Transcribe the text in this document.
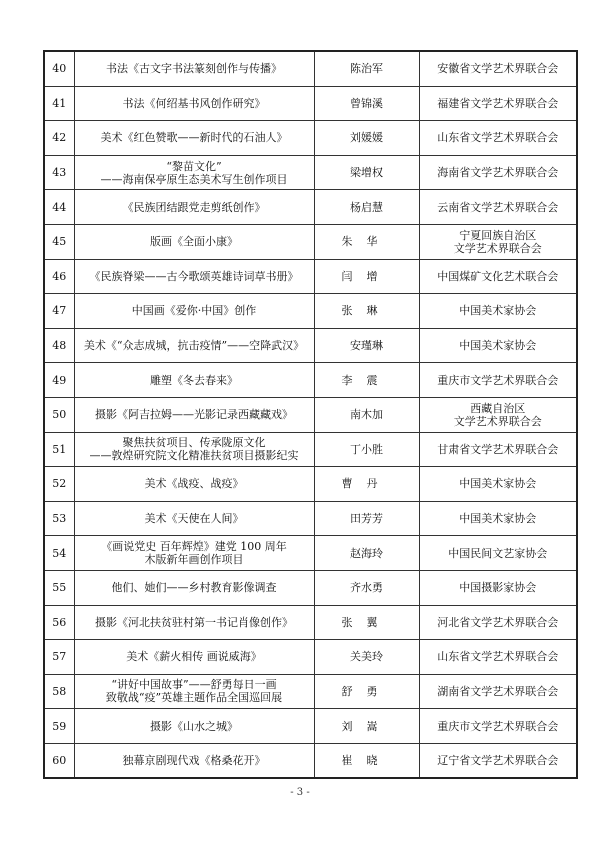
40	书法《古文字书法篆刻创作与传播》	陈治军	安徽省文学艺术界联合会

41	书法《何绍基书风创作研究》	曾锦溪	福建省文学艺术界联合会

42	美术《红色赞歌——新时代的石油人》	刘媛媛	山东省文学艺术界联合会

43	“黎苗文化”
——海南保亭原生态美术写生创作项目	梁增权	海南省文学艺术界联合会

44	《民族团结跟党走剪纸创作》	杨启慧	云南省文学艺术界联合会

45	版画《全面小康》	朱华	宁夏回族自治区
文学艺术界联合会

46	《民族脊梁——古今歌颂英雄诗词草书册》	闫增	中国煤矿文化艺术联合会

47	中国画《爱你·中国》创作	张琳	中国美术家协会

48	美术《“众志成城，抗击疫情”——空降武汉》	安瑾琳	中国美术家协会

49	雕塑《冬去春来》	李震	重庆市文学艺术界联合会

50	摄影《阿吉拉姆——光影记录西藏藏戏》	南木加	西藏自治区
文学艺术界联合会

51	聚焦扶贫项目、传承陇原文化
——敦煌研究院文化精准扶贫项目摄影纪实	丁小胜	甘肃省文学艺术界联合会

52	美术《战疫、战疫》	曹丹	中国美术家协会

53	美术《天使在人间》	田芳芳	中国美术家协会

54	《画说党史 百年辉煌》建党 100 周年
木版新年画创作项目	赵海玲	中国民间文艺家协会

55	他们、她们——乡村教育影像调查	齐水勇	中国摄影家协会

56	摄影《河北扶贫驻村第一书记肖像创作》	张翼	河北省文学艺术界联合会

57	美术《薪火相传 画说威海》	关美玲	山东省文学艺术界联合会

58	“讲好中国故事”——舒勇每日一画
致敬战“疫”英雄主题作品全国巡回展	舒勇	湖南省文学艺术界联合会

59	摄影《山水之城》	刘嵩	重庆市文学艺术界联合会

60	独幕京剧现代戏《格桑花开》	崔晓	辽宁省文学艺术界联合会
- 3 -
